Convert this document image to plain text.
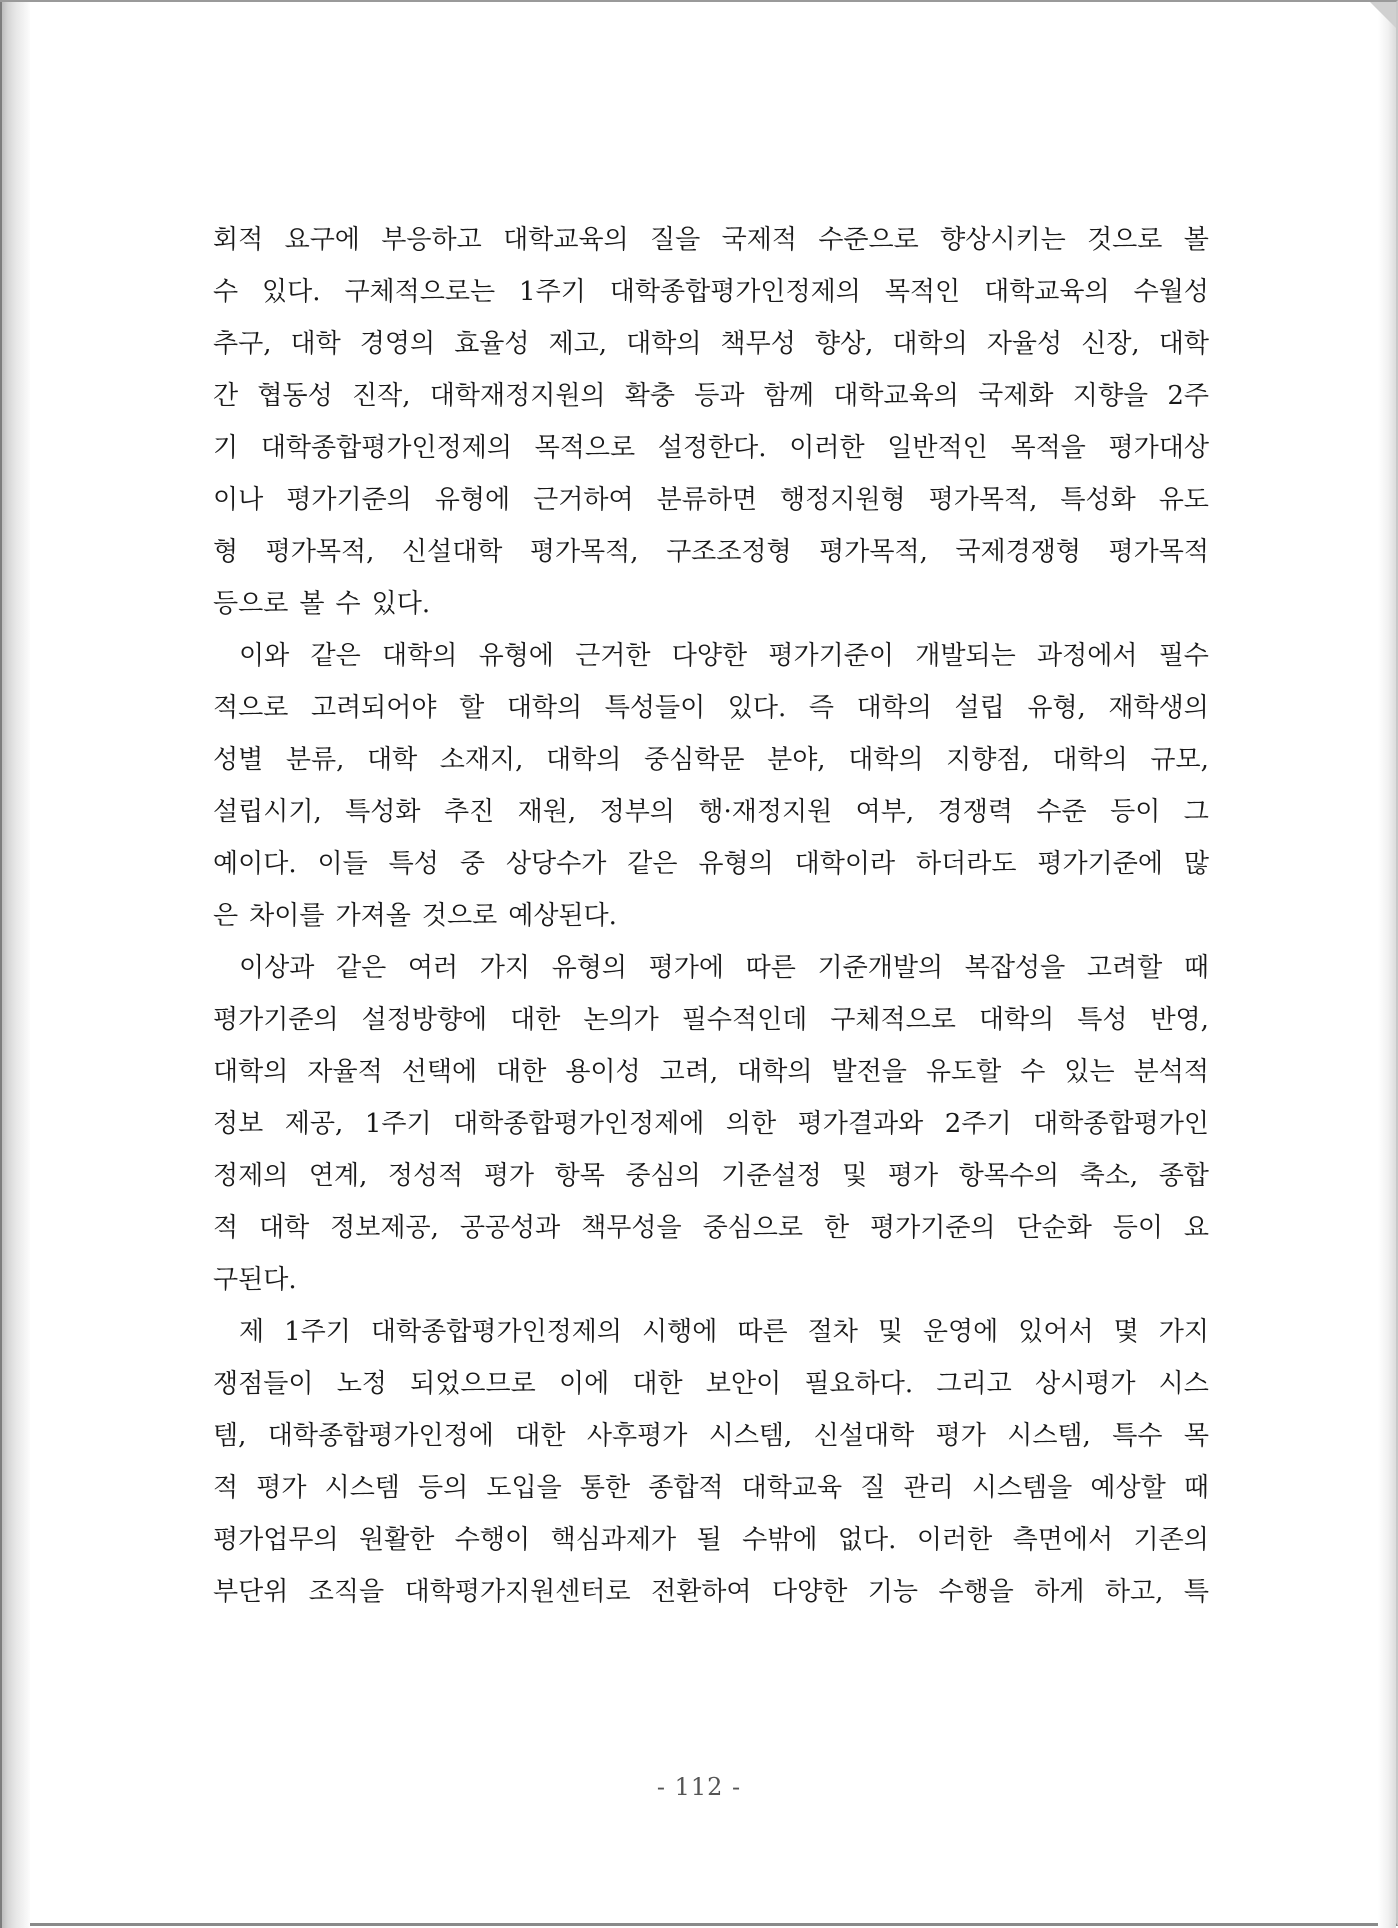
회적 요구에 부응하고 대학교육의 질을 국제적 수준으로 향상시키는 것으로 볼
수 있다. 구체적으로는 1주기 대학종합평가인정제의 목적인 대학교육의 수월성
추구, 대학 경영의 효율성 제고, 대학의 책무성 향상, 대학의 자율성 신장, 대학
간 협동성 진작, 대학재정지원의 확충 등과 함께 대학교육의 국제화 지향을 2주
기 대학종합평가인정제의 목적으로 설정한다. 이러한 일반적인 목적을 평가대상
이나 평가기준의 유형에 근거하여 분류하면 행정지원형 평가목적, 특성화 유도
형 평가목적, 신설대학 평가목적, 구조조정형 평가목적, 국제경쟁형 평가목적
등으로 볼 수 있다.
이와 같은 대학의 유형에 근거한 다양한 평가기준이 개발되는 과정에서 필수
적으로 고려되어야 할 대학의 특성들이 있다. 즉 대학의 설립 유형, 재학생의
성별 분류, 대학 소재지, 대학의 중심학문 분야, 대학의 지향점, 대학의 규모,
설립시기, 특성화 추진 재원, 정부의 행·재정지원 여부, 경쟁력 수준 등이 그
예이다. 이들 특성 중 상당수가 같은 유형의 대학이라 하더라도 평가기준에 많
은 차이를 가져올 것으로 예상된다.
이상과 같은 여러 가지 유형의 평가에 따른 기준개발의 복잡성을 고려할 때
평가기준의 설정방향에 대한 논의가 필수적인데 구체적으로 대학의 특성 반영,
대학의 자율적 선택에 대한 용이성 고려, 대학의 발전을 유도할 수 있는 분석적
정보 제공, 1주기 대학종합평가인정제에 의한 평가결과와 2주기 대학종합평가인
정제의 연계, 정성적 평가 항목 중심의 기준설정 및 평가 항목수의 축소, 종합
적 대학 정보제공, 공공성과 책무성을 중심으로 한 평가기준의 단순화 등이 요
구된다.
제 1주기 대학종합평가인정제의 시행에 따른 절차 및 운영에 있어서 몇 가지
쟁점들이 노정 되었으므로 이에 대한 보안이 필요하다. 그리고 상시평가 시스
템, 대학종합평가인정에 대한 사후평가 시스템, 신설대학 평가 시스템, 특수 목
적 평가 시스템 등의 도입을 통한 종합적 대학교육 질 관리 시스템을 예상할 때
평가업무의 원활한 수행이 핵심과제가 될 수밖에 없다. 이러한 측면에서 기존의
부단위 조직을 대학평가지원센터로 전환하여 다양한 기능 수행을 하게 하고, 특
- 112 -
